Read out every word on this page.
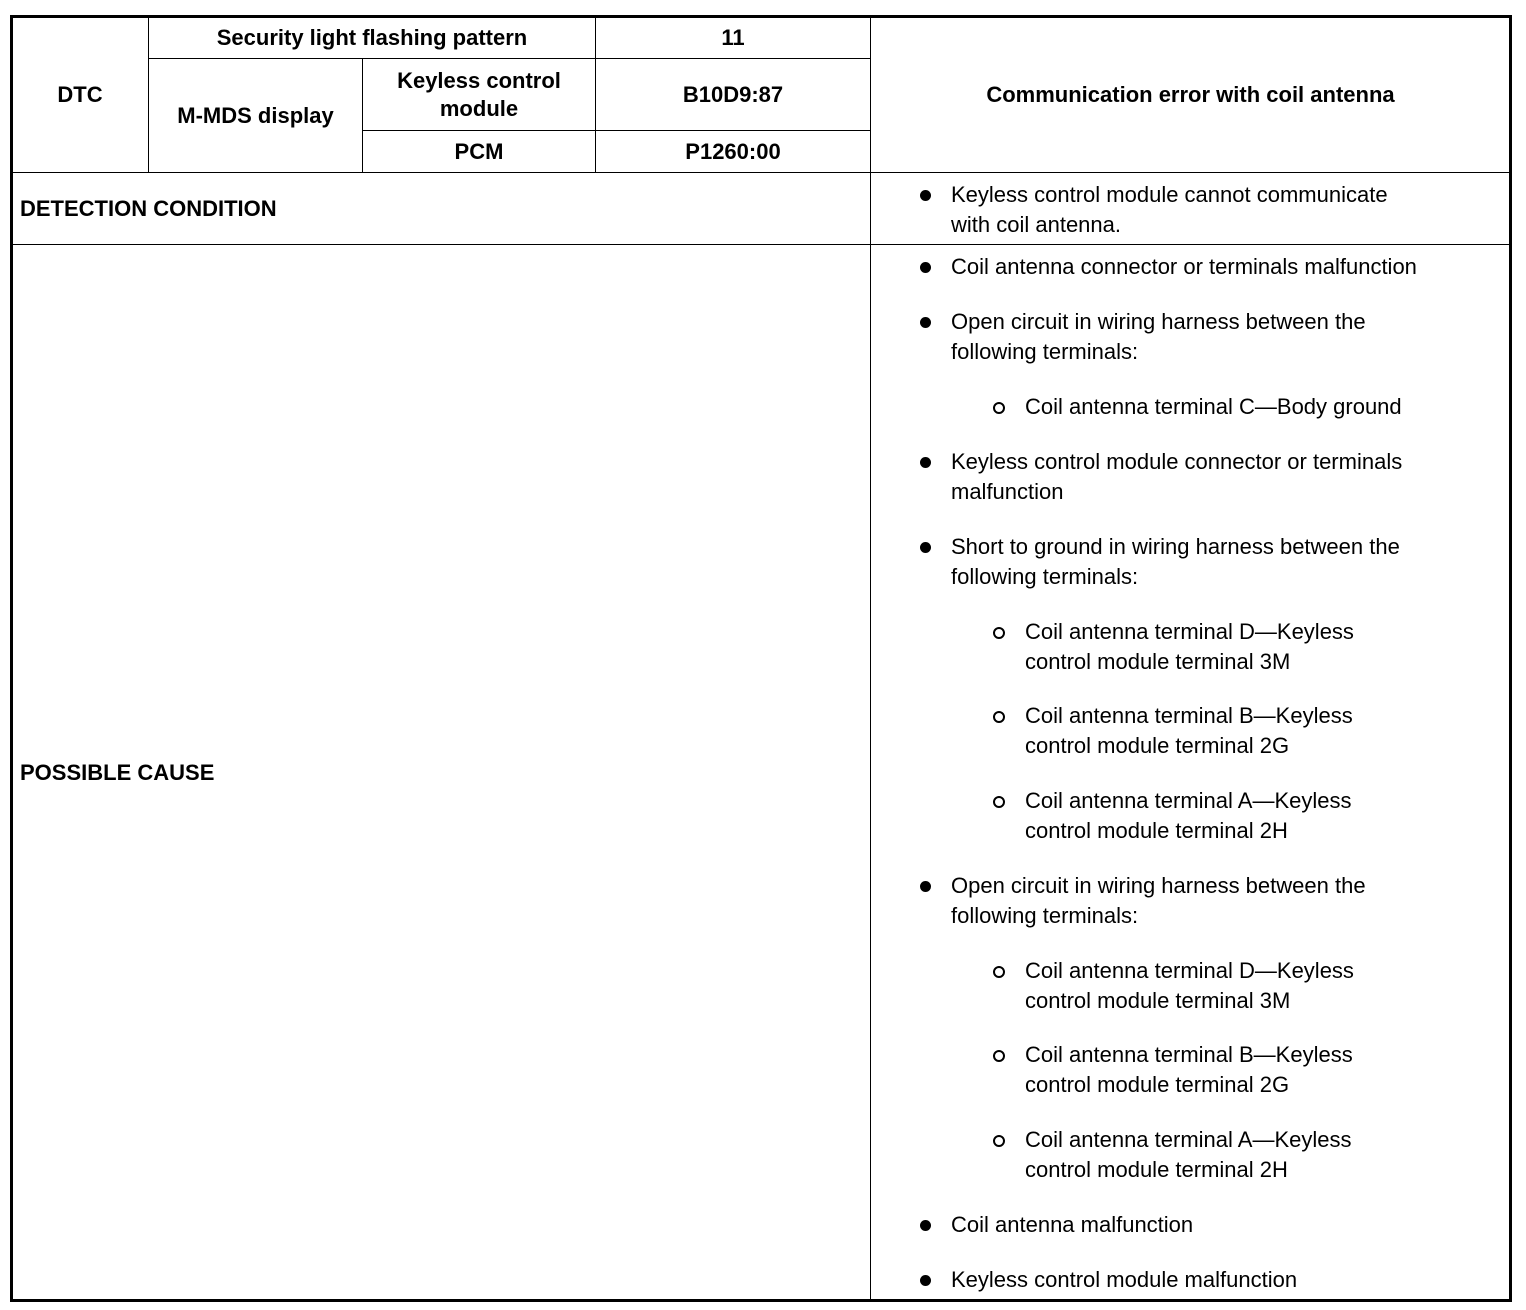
DTC
Security light flashing pattern	11
M-MDS display
Keyless control module
B10D9:87
PCM	P1260:00
Communication error with coil antenna
DETECTION CONDITION
POSSIBLE CAUSE
Keyless control module cannot communicate
with coil antenna.
Coil antenna connector or terminals malfunction
Open circuit in wiring harness between the
following terminals:
Coil antenna terminal C—Body ground
Keyless control module connector or terminals
malfunction
Short to ground in wiring harness between the
following terminals:
Coil antenna terminal D—Keyless
control module terminal 3M
Coil antenna terminal B—Keyless
control module terminal 2G
Coil antenna terminal A—Keyless
control module terminal 2H
Open circuit in wiring harness between the
following terminals:
Coil antenna terminal D—Keyless
control module terminal 3M
Coil antenna terminal B—Keyless
control module terminal 2G
Coil antenna terminal A—Keyless
control module terminal 2H
Coil antenna malfunction
Keyless control module malfunction
